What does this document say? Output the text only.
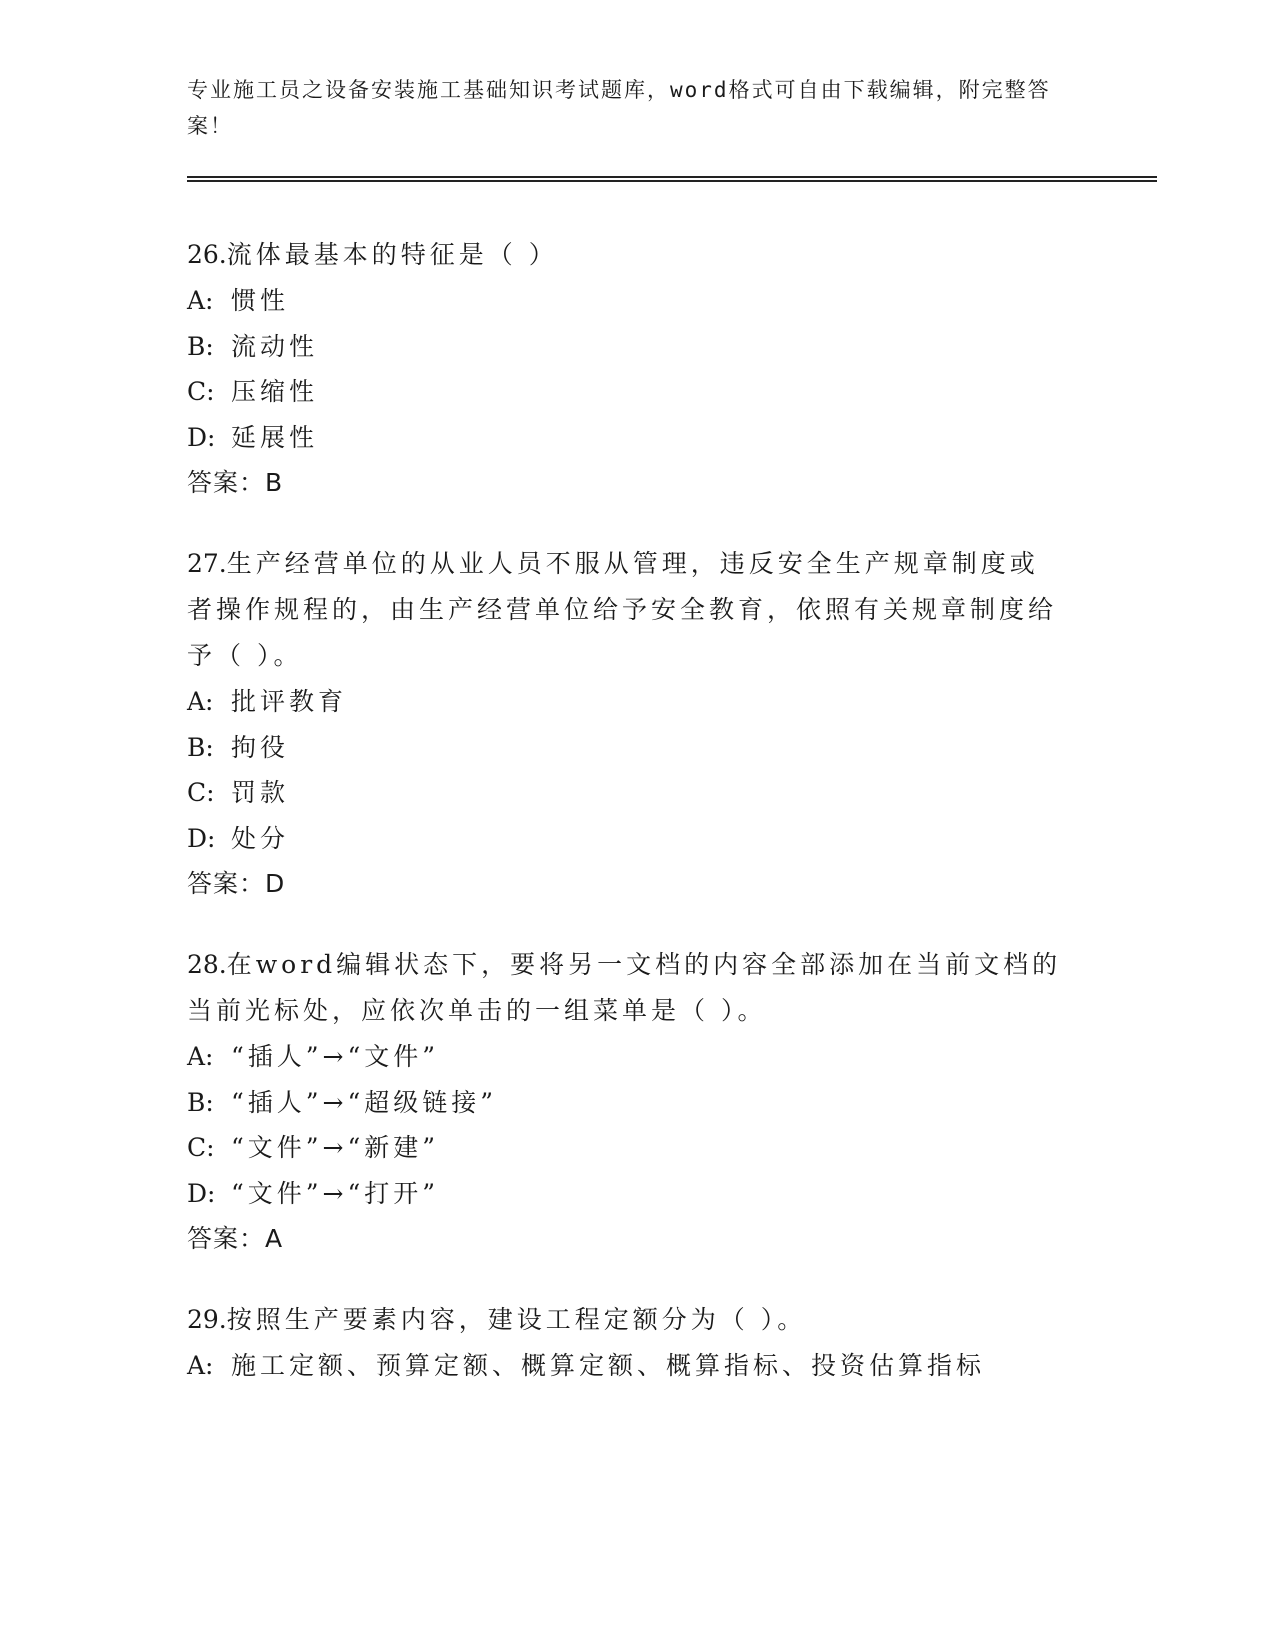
专业施工员之设备安装施工基础知识考试题库，word格式可自由下载编辑，附完整答案！

26.流体最基本的特征是（ ）

A: 惯性

B: 流动性

C: 压缩性

D: 延展性

答案：B

27.生产经营单位的从业人员不服从管理，违反安全生产规章制度或者操作规程的，由生产经营单位给予安全教育，依照有关规章制度给予（ ）。

A: 批评教育

B: 拘役

C: 罚款

D: 处分

答案：D

28.在word编辑状态下，要将另一文档的内容全部添加在当前文档的当前光标处，应依次单击的一组菜单是（ ）。

A: “插人”→“文件”

B: “插人”→“超级链接”

C: “文件”→“新建”

D: “文件”→“打开”

答案：A

29.按照生产要素内容，建设工程定额分为（ ）。

A: 施工定额、预算定额、概算定额、概算指标、投资估算指标
